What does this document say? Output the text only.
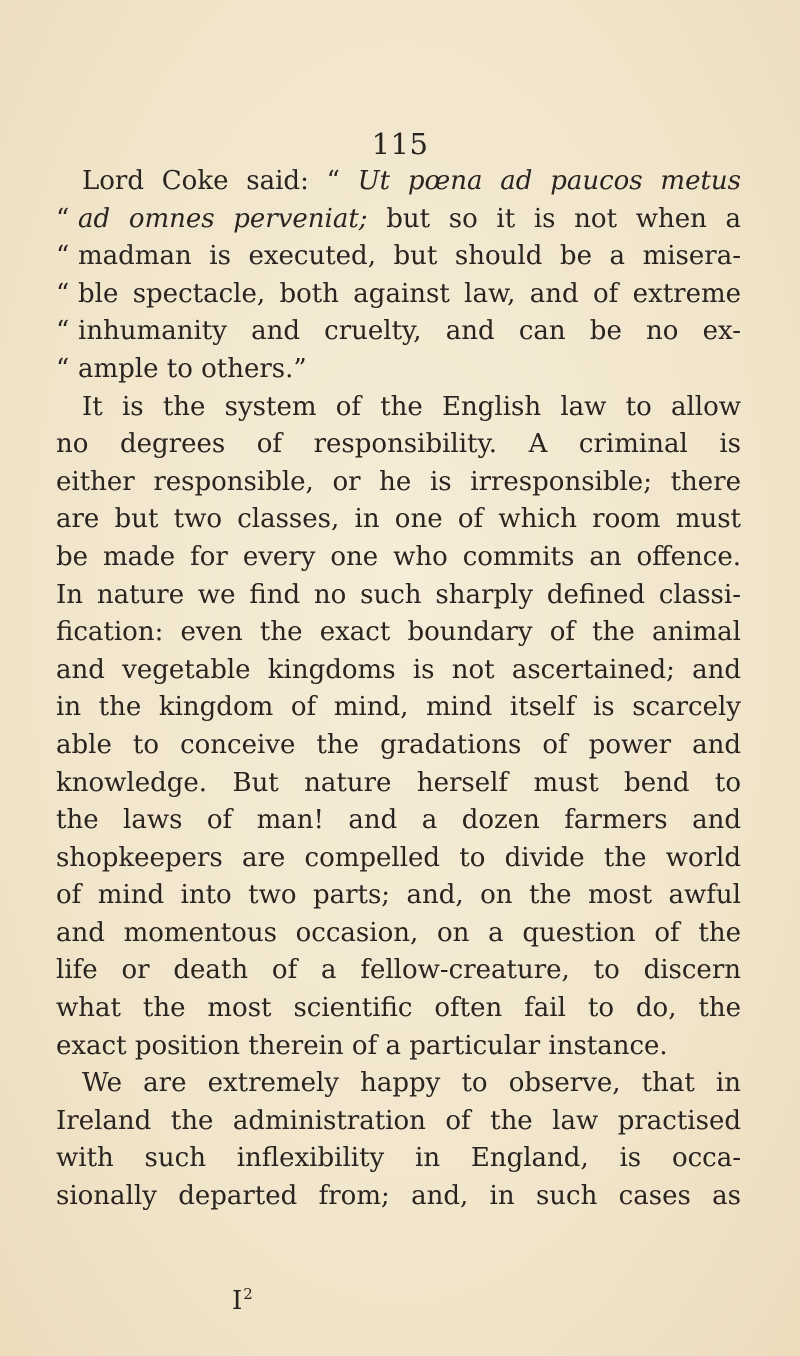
115
Lord Coke said: “ Ut pœna ad paucos metus
“ ad omnes perveniat; but so it is not when a
“ madman is executed, but should be a misera-
“ ble spectacle, both against law, and of extreme
“ inhumanity and cruelty, and can be no ex-
“ ample to others.”
It is the system of the English law to allow
no degrees of responsibility. A criminal is
either responsible, or he is irresponsible; there
are but two classes, in one of which room must
be made for every one who commits an offence.
In nature we find no such sharply defined classi-
fication: even the exact boundary of the animal
and vegetable kingdoms is not ascertained; and
in the kingdom of mind, mind itself is scarcely
able to conceive the gradations of power and
knowledge. But nature herself must bend to
the laws of man! and a dozen farmers and
shopkeepers are compelled to divide the world
of mind into two parts; and, on the most awful
and momentous occasion, on a question of the
life or death of a fellow-creature, to discern
what the most scientific often fail to do, the
exact position therein of a particular instance.
We are extremely happy to observe, that in
Ireland the administration of the law practised
with such inflexibility in England, is occa-
sionally departed from; and, in such cases as
$I^2$
